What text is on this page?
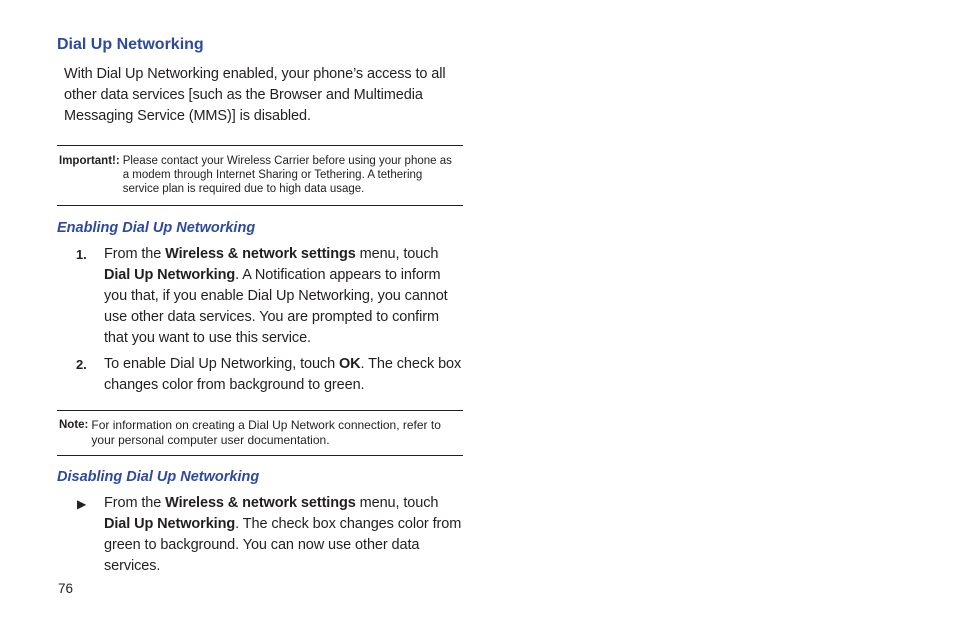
Dial Up Networking

With Dial Up Networking enabled, your phone’s access to all other data services [such as the Browser and Multimedia Messaging Service (MMS)] is disabled.

Important!: Please contact your Wireless Carrier before using your phone as a modem through Internet Sharing or Tethering. A tethering service plan is required due to high data usage.
Enabling Dial Up Networking
1. From the Wireless & network settings menu, touch Dial Up Networking. A Notification appears to inform you that, if you enable Dial Up Networking, you cannot use other data services. You are prompted to confirm that you want to use this service.
2. To enable Dial Up Networking, touch OK. The check box changes color from background to green.
Note: For information on creating a Dial Up Network connection, refer to your personal computer user documentation.
Disabling Dial Up Networking
▶ From the Wireless & network settings menu, touch Dial Up Networking. The check box changes color from green to background. You can now use other data services.
76
